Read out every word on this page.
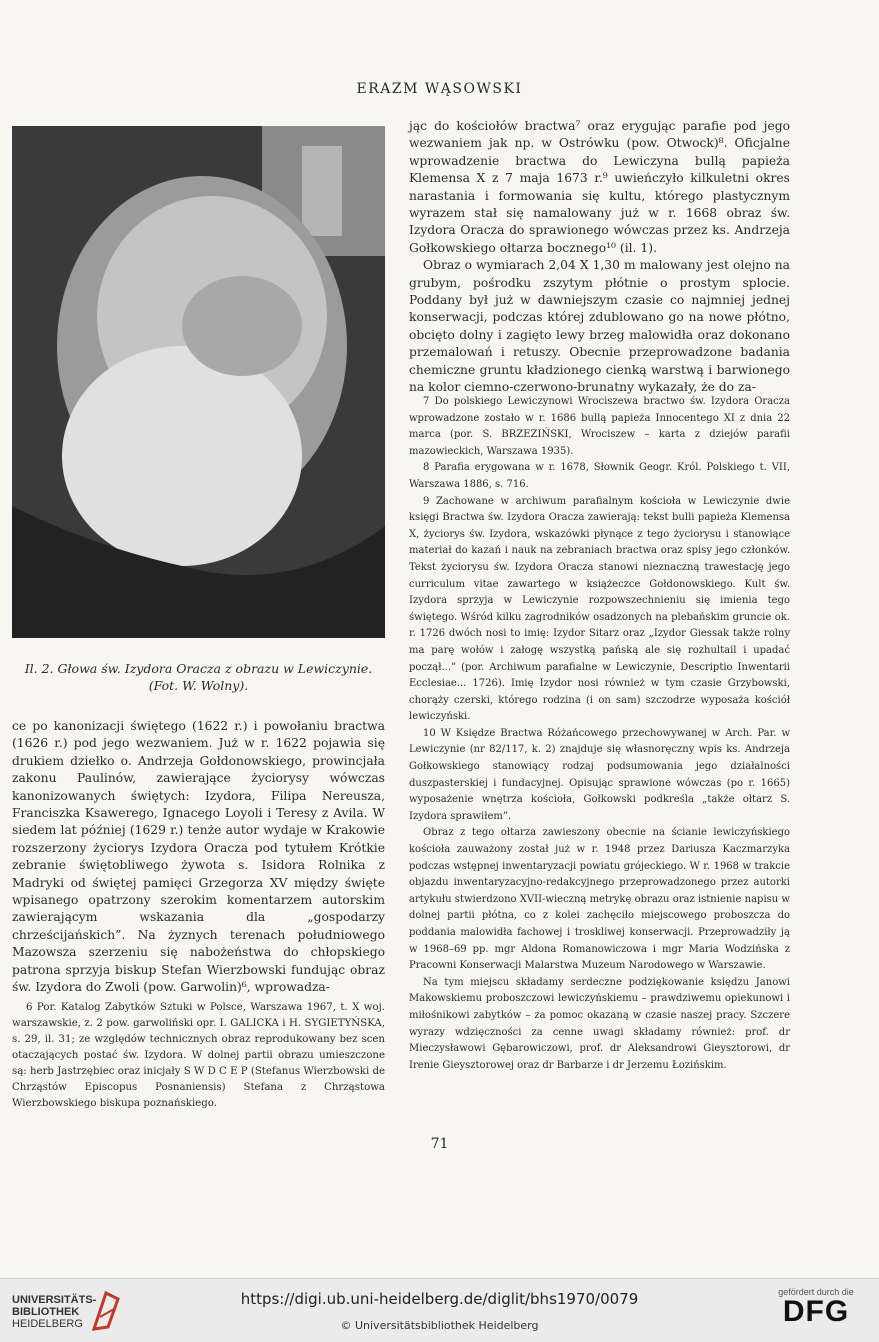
ERAZM WĄSOWSKI
Il. 2. Głowa św. Izydora Oracza z obrazu w Lewiczynie. (Fot. W. Wolny).

jąc do kościołów bractwa⁷ oraz erygując parafie pod jego wezwaniem jak np. w Ostrówku (pow. Otwock)⁸. Oficjalne wprowadzenie bractwa do Lewiczyna bullą papieża Klemensa X z 7 maja 1673 r.⁹ uwieńczyło kilkuletni okres narastania i formowania się kultu, którego plastycznym wyrazem stał się namalowany już w r. 1668 obraz św. Izydora Oracza do sprawionego wówczas przez ks. Andrzeja Gołkowskiego ołtarza bocznego¹⁰ (il. 1).

Obraz o wymiarach 2,04 X 1,30 m malowany jest olejno na grubym, pośrodku zszytym płótnie o prostym splocie. Poddany był już w dawniejszym czasie co najmniej jednej konserwacji, podczas której zdublowano go na nowe płótno, obcięto dolny i zagięto lewy brzeg malowidła oraz dokonano przemalowań i retuszy. Obecnie przeprowadzone badania chemiczne gruntu kładzionego cienką warstwą i barwionego na kolor ciemno-czerwono-brunatny wykazały, że do za-

7 Do polskiego Lewiczynowi Wrociszewa bractwo św. Izydora Oracza wprowadzone zostało w r. 1686 bullą papieża Innocentego XI z dnia 22 marca (por. S. BRZEZIŃSKI, Wrociszew – karta z dziejów parafii mazowieckich, Warszawa 1935).

8 Parafia erygowana w r. 1678, Słownik Geogr. Król. Polskiego t. VII, Warszawa 1886, s. 716.

9 Zachowane w archiwum parafialnym kościoła w Lewiczynie dwie księgi Bractwa św. Izydora Oracza zawierają: tekst bulli papieża Klemensa X, życiorys św. Izydora, wskazówki płynące z tego życiorysu i stanowiące materiał do kazań i nauk na zebraniach bractwa oraz spisy jego członków. Tekst życiorysu św. Izydora Oracza stanowi nieznaczną trawestację jego curriculum vitae zawartego w książeczce Gołdonowskiego. Kult św. Izydora sprzyja w Lewiczynie rozpowszechnieniu się imienia tego świętego. Wśród kilku zagrodników osadzonych na plebańskim gruncie ok. r. 1726 dwóch nosi to imię: Izydor Sitarz oraz „Izydor Giessak także rolny ma parę wołów i załogę wszystką pańską ale się rozhultail i upadać począł...” (por. Archiwum parafialne w Lewiczynie, Descriptio Inwentarii Ecclesiae... 1726). Imię Izydor nosi również w tym czasie Grzybowski, chorąży czerski, którego rodzina (i on sam) szczodrze wyposaża kościół lewiczyński.

10 W Księdze Bractwa Różańcowego przechowywanej w Arch. Par. w Lewiczynie (nr 82/117, k. 2) znajduje się własnoręczny wpis ks. Andrzeja Gołkowskiego stanowiący rodzaj podsumowania jego działalności duszpasterskiej i fundacyjnej. Opisując sprawione wówczas (po r. 1665) wyposażenie wnętrza kościoła, Gołkowski podkreśla „także ołtarz S. Izydora sprawiłem”.

Obraz z tego ołtarza zawieszony obecnie na ścianie lewiczyńskiego kościoła zauważony został już w r. 1948 przez Dariusza Kaczmarzyka podczas wstępnej inwentaryzacji powiatu grójeckiego. W r. 1968 w trakcie objazdu inwentaryzacyjno-redakcyjnego przeprowadzonego przez autorki artykułu stwierdzono XVII-wieczną metrykę obrazu oraz istnienie napisu w dolnej partii płótna, co z kolei zachęciło miejscowego proboszcza do poddania malowidła fachowej i troskliwej konserwacji. Przeprowadziły ją w 1968–69 pp. mgr Aldona Romanowiczowa i mgr Maria Wodzińska z Pracowni Konserwacji Malarstwa Muzeum Narodowego w Warszawie.

Na tym miejscu składamy serdeczne podziękowanie księdzu Janowi Makowskiemu proboszczowi lewiczyńskiemu – prawdziwemu opiekunowi i miłośnikowi zabytków – za pomoc okazaną w czasie naszej pracy. Szczere wyrazy wdzięczności za cenne uwagi składamy również: prof. dr Mieczysławowi Gębarowiczowi, prof. dr Aleksandrowi Gieysztorowi, dr Irenie Gieysztorowej oraz dr Barbarze i dr Jerzemu Łozińskim.

ce po kanonizacji świętego (1622 r.) i powołaniu bractwa (1626 r.) pod jego wezwaniem. Już w r. 1622 pojawia się drukiem dziełko o. Andrzeja Gołdonowskiego, prowincjała zakonu Paulinów, zawierające życiorysy wówczas kanonizowanych świętych: Izydora, Filipa Nereusza, Franciszka Ksawerego, Ignacego Loyoli i Teresy z Avila. W siedem lat później (1629 r.) tenże autor wydaje w Krakowie rozszerzony życiorys Izydora Oracza pod tytułem Krótkie zebranie świętobliwego żywota s. Isidora Rolnika z Madryki od świętej pamięci Grzegorza XV między święte wpisanego opatrzony szerokim komentarzem autorskim zawierającym wskazania dla „gospodarzy chrześcijańskich”. Na żyznych terenach południowego Mazowsza szerzeniu się nabożeństwa do chłopskiego patrona sprzyja biskup Stefan Wierzbowski fundując obraz św. Izydora do Zwoli (pow. Garwolin)⁶, wprowadza-

6 Por. Katalog Zabytków Sztuki w Polsce, Warszawa 1967, t. X woj. warszawskie, z. 2 pow. garwoliński opr. I. GALICKA i H. SYGIETYŃSKA, s. 29, il. 31; ze względów technicznych obraz reprodukowany bez scen otaczających postać św. Izydora. W dolnej partii obrazu umieszczone są: herb Jastrzębiec oraz inicjały S W D C E P (Stefanus Wierzbowski de Chrząstów Episcopus Posnaniensis) Stefana z Chrząstowa Wierzbowskiego biskupa poznańskiego.

71
UNIVERSITÄTS-
BIBLIOTHEK
HEIDELBERG
https://digi.ub.uni-heidelberg.de/diglit/bhs1970/0079
© Universitätsbibliothek Heidelberg
gefördert durch die
DFG
